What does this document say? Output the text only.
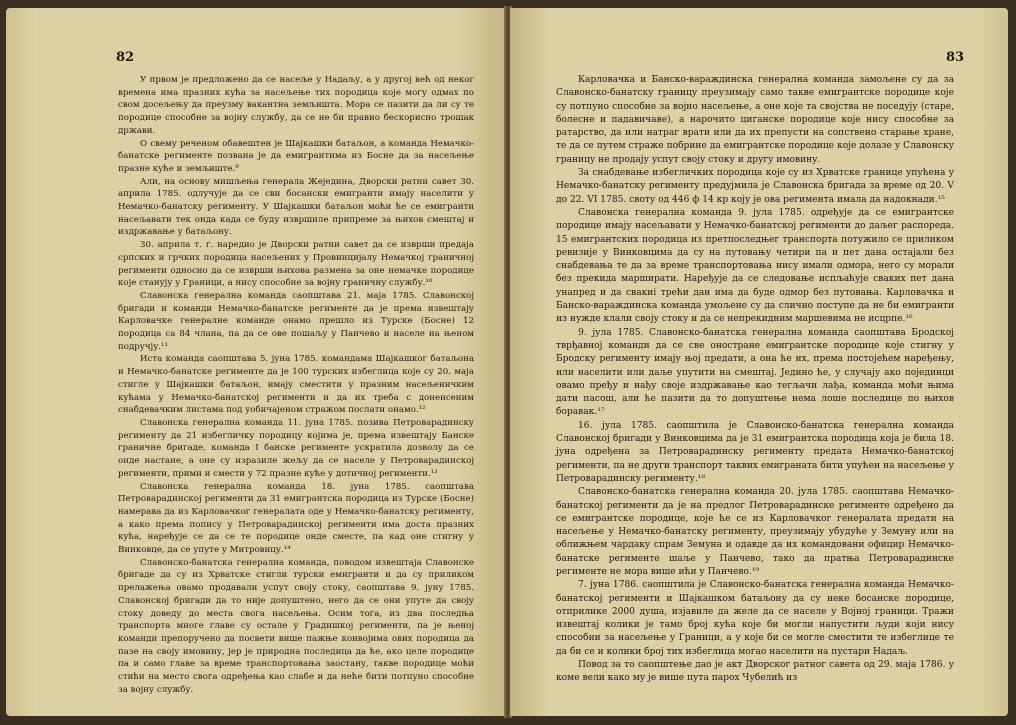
82

У првом је предложено да се насеље у Надаљу, а у другој већ од неког времена има празних кућа за насељење тих породица које могу одмах по свом досељењу да преузму вакантна земљишта. Мора се пазити да ли су те породице способне за војну службу, да се не би правио бескорисно трошак држави.

О свему реченом обавештен је Шајкашки батаљон, а команда Немачко-банатске регименте позвана је да емигрантима из Босне да за насељење празне куће и земљиште.⁹

Али, на основу мишљења генерала Жеједина, Дворски ратни савет 30. априла 1785. одлучује да се сви босански емигранти имају населити у Немачко-банатску регименту. У Шајкашки батаљон моћи ће се емигранти насељавати тек онда када се буду извршиле припреме за њихов смештај и издржавање у батаљону.

30. априла т. г. наредио је Дворски ратни савет да се изврши предаја српских и грчких породица насељених у Провинцијалу Немачкој граничној регименти односно да се изврши њихова размена за оне немачке породице које станују у Граници, а нису способне за војну граничну службу.¹⁰

Славонска генерална команда саопштава 21. маја 1785. Славонској бригади и команди Немачко-банатске регименте да је према извештају Карловачке генералне команде онамо прешло из Турске (Босне) 12 породица са 84 члана, па да се ове пошаљу у Панчево и населе на њеном подручју.¹¹

Иста команда саопштава 5. јуна 1785. командама Шајкашког батаљона и Немачко-банатске регименте да је 100 турских избеглица које су 20. маја стигле у Шајкашки батаљон, имају сместити у празним насељеничким кућама у Немачко-банатској регименти и да их треба с доненсеним снабдевачким листама под уобичајеном стражом послати онамо.¹²

Славонска генерална команда 11. јуна 1785. позива Петроварадинску регименту да 21 избегличку породицу којима је, према извештају Банске граничне бригаде, команда I банске регименте ускратила дозволу да се онде настане, а оне су изразиле жељу да се населе у Петроварадинској регименти, прими и смести у 72 празне куће у дотичној регименти.¹³

Славонска генерална команда 18. јуна 1785. саопштава Петроварадинској регименти да 31 емигрантска породица из Турске (Босне) намерава да из Карловачког генералата оде у Немачко-банатску регименту, а како према попису у Петроварадинској регименти има доста празних кућа, наређује се да се те породице онде сместе, па кад оне стигну у Винковце, да се упуте у Митровицу.¹⁴

Славонско-банатска генерална команда, поводом извештаја Славонске бригаде да су из Хрватске стигли турски емигранти и да су приликом прелажења овамо продавали успут своју стоку, саопштава 9. јуну 1785. Славонској бригади да то није допуштено, него да се они упуте да своју стоку доведу до места свога насељења. Осим тога, из два последња транспорта многе главе су остале у Градишкој регименти, па је њеној команди препоручено да посвети више пажње конвојима ових породица да пазе на своју имовину, јер је природна последица да ће, ако целе породице па и само главе за време транспортовања заостану, такве породице моћи стићи на место свога одређења као слабе и да неће бити потпуно способне за војну службу.

83

Карловачка и Банско-вараждинска генерална команда замољене су да за Славонско-банатску границу преузимају само такве емигрантске породице које су потпуно способне за војно насељење, а оне које та својства не поседују (старе, болесне и падавичаве), а нарочито циганске породице које нису способне за ратарство, да или натраг врати или да их препусти на сопствено старање хране, те да се путем страже побрине да емигрантске породице које долазе у Славонску границу не продају успут своју стоку и другу имовину.

За снабдевање избегличких породица које су из Хрватске границе упућена у Немачко-банатску регименту предујмила је Славонска бригада за време од 20. V до 22. VI 1785. своту од 446 ф 14 кр коју је ова регимента имала да надокнади.¹⁵

Славонска генерална команда 9. јула 1785. одређује да се емигрантске породице имају насељавати у Немачко-банатској регименти до даљег распореда. 15 емигрантских породица из претпоследњег транспорта потужило се приликом ревизије у Винковцима да су на путовању четири па и пет дана остајали без снабдевања те да за време транспортовања нису имали одмора, него су морали без прекида марширати. Наређује да се следовање испљаћује свакиx пет дана унапред и да свакиi трећи дан има да буде одмор без путовања. Карловачка и Банско-вараждинска команда умољене су да слично поступе да не би емигранти из нужде клали своју стоку и да се непрекидним маршевима не исцрпе.¹⁶

9. јула 1785. Славонско-банатска генерална команда саопштава Бродској тврђавној команди да се све оностране емигрантске породице које стигну у Бродску регименту имају њој предати, а она ће их, према постојећем наређењу, или населити или даље упутити на смештај. Једино ће, у случају ако појединци овамо пређу и нађу своје издржавање као тегљачи лађа, команда моћи њима дати пасош, али ће пазити да то допуштење нема лоше последице по њихов боравак.¹⁷

16. јула 1785. саопштила је Славонско-банатска генерална команда Славонској бригади у Винковцима да је 31 емигрантска породица која је била 18. јуна одређена за Петроварадинску регименту предата Немачко-банатској регименти, па не други транспорт таквих емиграната бити упућен на насељење у Петроварадинску регименту.¹⁸

Славонско-банатска генерална команда 20. јула 1785. саопштава Немачко-банатској регименти да је на предлог Петроварадинске регименте одређено да се емигрантске породице, које ће се из Карловачког генералата предати на насељење у Немачко-банатску регименту, преузимају убудуће у Земуну или на оближњем чардаку спрам Земуна и одавде да их командовани официр Немачко-банатске регименте шаље у Панчево, тако да пратња Петроварадинске регименте не мора више ићи у Панчево.¹⁹

7. јуна 1786. саопштила је Славонско-банатска генерална команда Немачко-банатској регименти и Шајкашком батаљону да су неке босанске породице, отприлике 2000 душа, изјавиле да желе да се населе у Војној граници. Тражи извештај колики је тамо број кућа које би могли напустити људи који нису способни за насељење у Граници, а у које би се могле сместити те избеглице те да би се и колики број тих избеглица могао населити на пустари Надаљ.

Повод за то саопштење дао је акт Дворског ратног савета од 29. маја 1786. у коме вели како му је више пута парох Чубелић из
